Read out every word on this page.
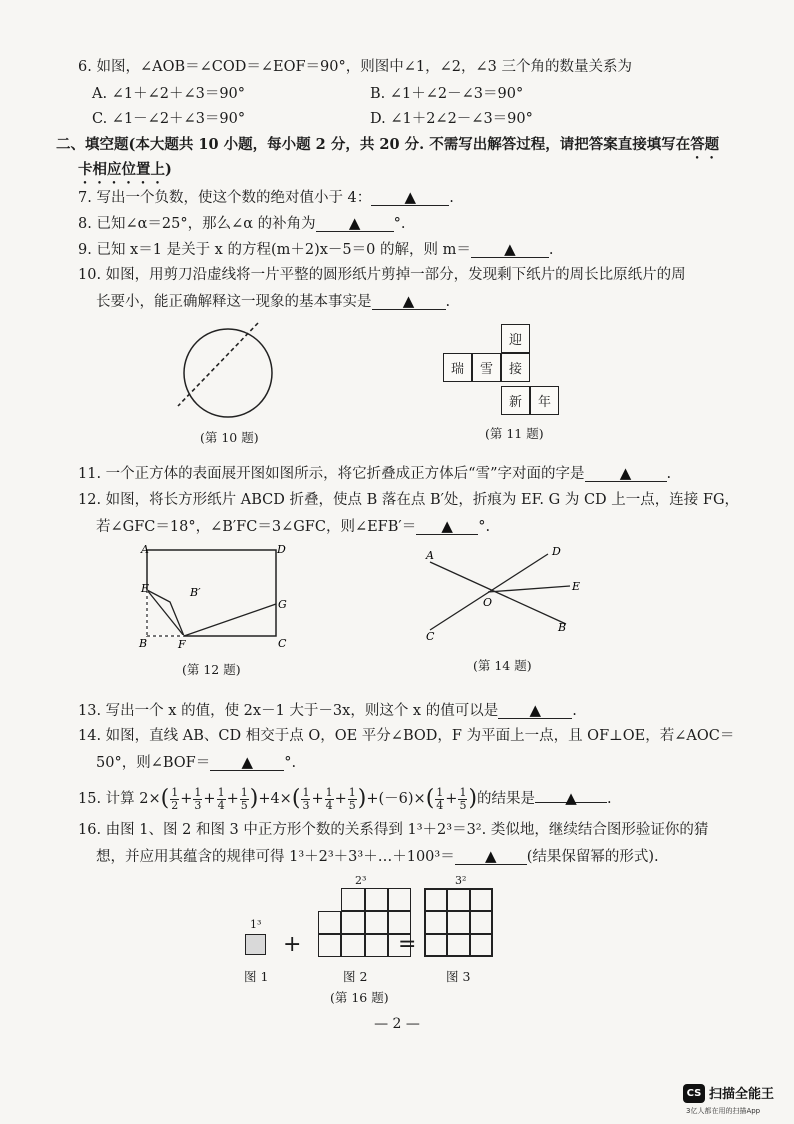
6. 如图，∠AOB＝∠COD＝∠EOF＝90°，则图中∠1，∠2，∠3 三个角的数量关系为
A. ∠1＋∠2＋∠3＝90°	B. ∠1＋∠2－∠3＝90°
C. ∠1－∠2＋∠3＝90°	D. ∠1＋2∠2－∠3＝90°
二、填空题(本大题共 10 小题，每小题 2 分，共 20 分. 不需写出解答过程，请把答案直接填写在答题
卡相应位置上)
7. 写出一个负数，使这个数的绝对值小于 4： ▲ .
8. 已知∠α＝25°，那么∠α 的补角为 ▲ °.
9. 已知 x＝1 是关于 x 的方程(m＋2)x－5＝0 的解，则 m＝ ▲ .
10. 如图，用剪刀沿虚线将一片平整的圆形纸片剪掉一部分，发现剩下纸片的周长比原纸片的周
长要小，能正确解释这一现象的基本事实是 ▲ .
(第 10 题)
迎
瑞	雪	接
新	年
(第 11 题)
11. 一个正方体的表面展开图如图所示，将它折叠成正方体后“雪”字对面的字是 ▲ .
12. 如图，将长方形纸片 ABCD 折叠，使点 B 落在点 B′处，折痕为 EF. G 为 CD 上一点，连接 FG，
若∠GFC＝18°，∠B′FC＝3∠GFC，则∠EFB′＝ ▲ °.
A	D
E	B′
G
B	F	C
(第 12 题)
A	D
E
O
C
B
(第 14 题)
13. 写出一个 x 的值，使 2x－1 大于－3x，则这个 x 的值可以是 ▲ .
14. 如图，直线 AB、CD 相交于点 O，OE 平分∠BOD，F 为平面上一点，且 OF⊥OE，若∠AOC＝
50°，则∠BOF＝ ▲ °.
15. 计算 $2\times( \frac{1}{2} + \frac{1}{3} + \frac{1}{4} + \frac{1}{5} )+4\times( \frac{1}{3} + \frac{1}{4} + \frac{1}{5} )+(-6)\times( \frac{1}{4} + \frac{1}{5}$ )的结果是 ▲ .
16. 由图 1、图 2 和图 3 中正方形个数的关系得到 1³＋2³＝3². 类似地，继续结合图形验证你的猜
想，并应用其蕴含的规律可得 1³＋2³＋3³＋…＋100³＝ ▲ (结果保留幂的形式).
1³
图 1
+
2³
图 2
=
3²
图 3
(第 16 题)
— 2 —
CS 扫描全能王
3亿人都在用的扫描App
